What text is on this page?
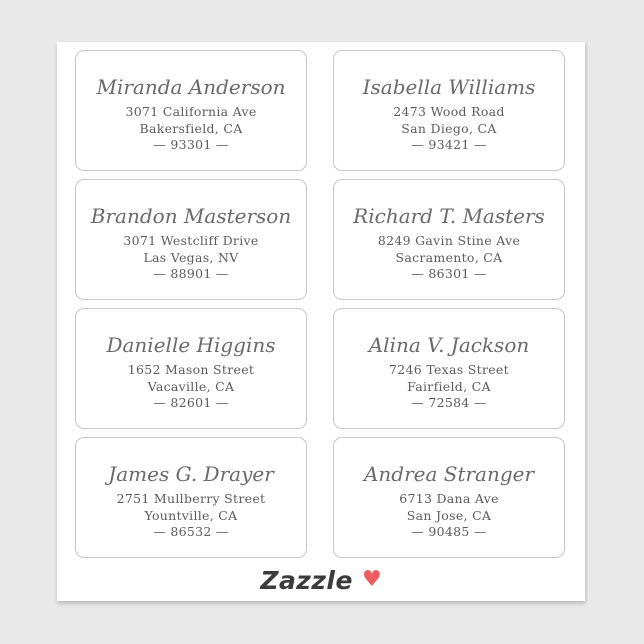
Miranda Anderson
3071 California Ave
Bakersfield, CA
— 93301 —
Isabella Williams
2473 Wood Road
San Diego, CA
— 93421 —
Brandon Masterson
3071 Westcliff Drive
Las Vegas, NV
— 88901 —
Richard T. Masters
8249 Gavin Stine Ave
Sacramento, CA
— 86301 —
Danielle Higgins
1652 Mason Street
Vacaville, CA
— 82601 —
Alina V. Jackson
7246 Texas Street
Fairfield, CA
— 72584 —
James G. Drayer
2751 Mullberry Street
Yountville, CA
— 86532 —
Andrea Stranger
6713 Dana Ave
San Jose, CA
— 90485 —
Zazzle ♥
